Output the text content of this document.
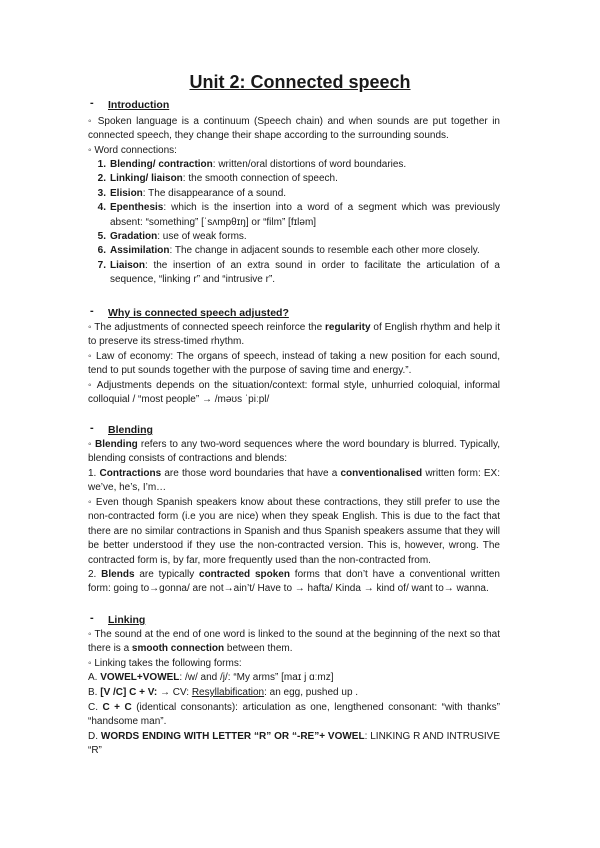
Unit 2: Connected speech
- Introduction
◦ Spoken language is a continuum (Speech chain) and when sounds are put together in connected speech, they change their shape according to the surrounding sounds.
◦ Word connections:
1. Blending/ contraction: written/oral distortions of word boundaries.
2. Linking/ liaison: the smooth connection of speech.
3. Elision: The disappearance of a sound.
4. Epenthesis: which is the insertion into a word of a segment which was previously absent: “something” [ˈsʌmpθɪŋ] or “film” [fɪləm]
5. Gradation: use of weak forms.
6. Assimilation: The change in adjacent sounds to resemble each other more closely.
7. Liaison: the insertion of an extra sound in order to facilitate the articulation of a sequence, “linking r” and “intrusive r”.
- Why is connected speech adjusted?
◦ The adjustments of connected speech reinforce the regularity of English rhythm and help it to preserve its stress-timed rhythm.
◦ Law of economy: The organs of speech, instead of taking a new position for each sound, tend to put sounds together with the purpose of saving time and energy.”.
◦ Adjustments depends on the situation/context: formal style, unhurried coloquial, informal colloquial / “most people” → /məʊs ˈpiːpl/
- Blending
◦ Blending refers to any two-word sequences where the word boundary is blurred. Typically, blending consists of contractions and blends:
1. Contractions are those word boundaries that have a conventionalised written form: EX: we’ve, he’s, I’m…
◦ Even though Spanish speakers know about these contractions, they still prefer to use the non-contracted form (i.e you are nice) when they speak English. This is due to the fact that there are no similar contractions in Spanish and thus Spanish speakers assume that they will be better understood if they use the non-contracted version. This is, however, wrong. The contracted form is, by far, more frequently used than the non-contracted from.
2. Blends are typically contracted spoken forms that don’t have a conventional written form: going to→gonna/ are not→ain’t/ Have to → hafta/ Kinda → kind of/ want to→ wanna.
- Linking
◦ The sound at the end of one word is linked to the sound at the beginning of the next so that there is a smooth connection between them.
◦ Linking takes the following forms:
A. VOWEL+VOWEL: /w/ and /j/: “My arms” [maɪ j ɑːmz]
B. [V /C] C + V: → CV: Resyllabification: an egg, pushed up .
C. C + C (identical consonants): articulation as one, lengthened consonant: “with thanks” “handsome man”.
D. WORDS ENDING WITH LETTER “R” OR “-RE”+ VOWEL: LINKING R AND INTRUSIVE “R”
